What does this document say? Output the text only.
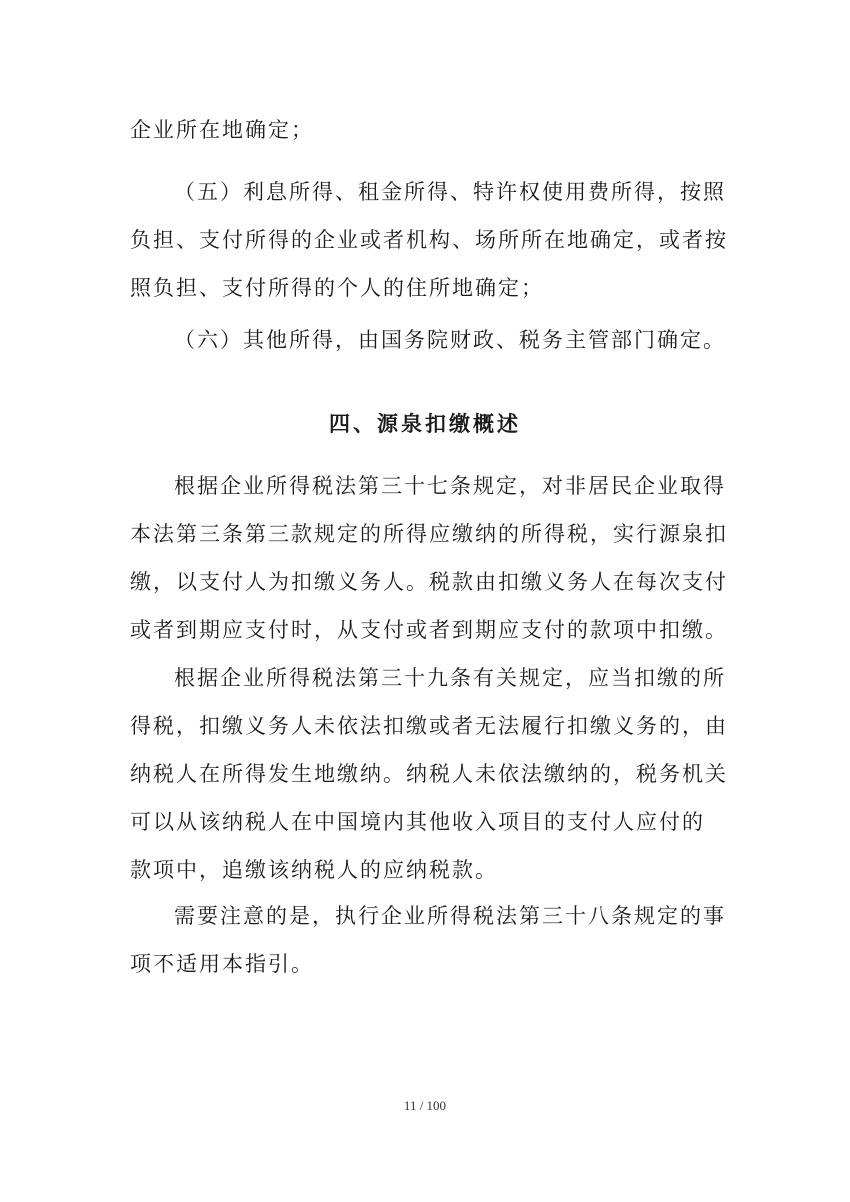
企业所在地确定；

（五）利息所得、租金所得、特许权使用费所得，按照
负担、支付所得的企业或者机构、场所所在地确定，或者按
照负担、支付所得的个人的住所地确定；

（六）其他所得，由国务院财政、税务主管部门确定。

四、源泉扣缴概述

根据企业所得税法第三十七条规定，对非居民企业取得
本法第三条第三款规定的所得应缴纳的所得税，实行源泉扣
缴，以支付人为扣缴义务人。税款由扣缴义务人在每次支付
或者到期应支付时，从支付或者到期应支付的款项中扣缴。

根据企业所得税法第三十九条有关规定，应当扣缴的所
得税，扣缴义务人未依法扣缴或者无法履行扣缴义务的，由
纳税人在所得发生地缴纳。纳税人未依法缴纳的，税务机关
可以从该纳税人在中国境内其他收入项目的支付人应付的
款项中，追缴该纳税人的应纳税款。

需要注意的是，执行企业所得税法第三十八条规定的事
项不适用本指引。

11 / 100
